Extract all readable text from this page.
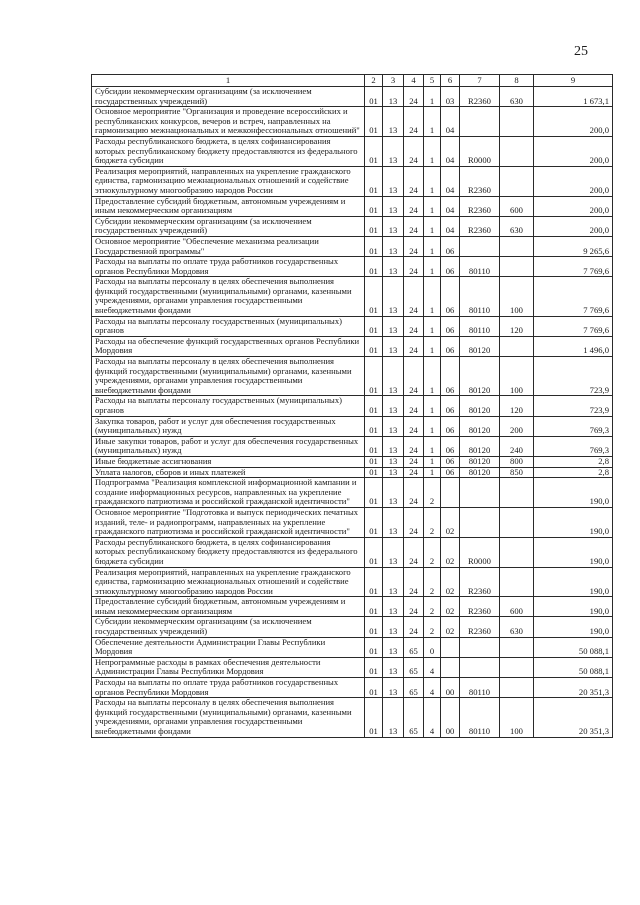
25
1	2	3	4	5	6	7	8	9
Субсидии некоммерческим организациям (за исключением государственных учреждений)	01	13	24	1	03	R2360	630	1 673,1
Основное мероприятие "Организация и проведение всероссийских и республиканских конкурсов, вечеров и встреч, направленных на гармонизацию межнациональных и межконфессиональных отношений"	01	13	24	1	04			200,0
Расходы республиканского бюджета, в целях софинансирования которых республиканскому бюджету предоставляются из федерального бюджета субсидии	01	13	24	1	04	R0000		200,0
Реализация мероприятий, направленных на укрепление гражданского единства, гармонизацию межнациональных отношений и содействие этнокультурному многообразию народов России	01	13	24	1	04	R2360		200,0
Предоставление субсидий бюджетным, автономным учреждениям и иным некоммерческим организациям	01	13	24	1	04	R2360	600	200,0
Субсидии некоммерческим организациям (за исключением государственных учреждений)	01	13	24	1	04	R2360	630	200,0
Основное мероприятие "Обеспечение механизма реализации Государственной программы"	01	13	24	1	06			9 265,6
Расходы на выплаты по оплате труда работников государственных органов Республики Мордовия	01	13	24	1	06	80110		7 769,6
Расходы на выплаты персоналу в целях обеспечения выполнения функций государственными (муниципальными) органами, казенными учреждениями, органами управления государственными внебюджетными фондами	01	13	24	1	06	80110	100	7 769,6
Расходы на выплаты персоналу государственных (муниципальных) органов	01	13	24	1	06	80110	120	7 769,6
Расходы на обеспечение функций государственных органов Республики Мордовия	01	13	24	1	06	80120		1 496,0
Расходы на выплаты персоналу в целях обеспечения выполнения функций государственными (муниципальными) органами, казенными учреждениями, органами управления государственными внебюджетными фондами	01	13	24	1	06	80120	100	723,9
Расходы на выплаты персоналу государственных (муниципальных) органов	01	13	24	1	06	80120	120	723,9
Закупка товаров, работ и услуг для обеспечения государственных (муниципальных) нужд	01	13	24	1	06	80120	200	769,3
Иные закупки товаров, работ и услуг для обеспечения государственных (муниципальных) нужд	01	13	24	1	06	80120	240	769,3
Иные бюджетные ассигнования	01	13	24	1	06	80120	800	2,8
Уплата налогов, сборов и иных платежей	01	13	24	1	06	80120	850	2,8
Подпрограмма "Реализация комплексной информационной кампании и создание информационных ресурсов, направленных на укрепление гражданского патриотизма и российской гражданской идентичности"	01	13	24	2				190,0
Основное мероприятие "Подготовка и выпуск периодических печатных изданий, теле- и радиопрограмм, направленных на укрепление гражданского патриотизма и российской гражданской идентичности"	01	13	24	2	02			190,0
Расходы республиканского бюджета, в целях софинансирования которых республиканскому бюджету предоставляются из федерального бюджета субсидии	01	13	24	2	02	R0000		190,0
Реализация мероприятий, направленных на укрепление гражданского единства, гармонизацию межнациональных отношений и содействие этнокультурному многообразию народов России	01	13	24	2	02	R2360		190,0
Предоставление субсидий бюджетным, автономным учреждениям и иным некоммерческим организациям	01	13	24	2	02	R2360	600	190,0
Субсидии некоммерческим организациям (за исключением государственных учреждений)	01	13	24	2	02	R2360	630	190,0
Обеспечение деятельности Администрации Главы Республики Мордовия	01	13	65	0				50 088,1
Непрограммные расходы в рамках обеспечения деятельности Администрации Главы Республики Мордовия	01	13	65	4				50 088,1
Расходы на выплаты по оплате труда работников государственных органов Республики Мордовия	01	13	65	4	00	80110		20 351,3
Расходы на выплаты персоналу в целях обеспечения выполнения функций государственными (муниципальными) органами, казенными учреждениями, органами управления государственными внебюджетными фондами	01	13	65	4	00	80110	100	20 351,3
